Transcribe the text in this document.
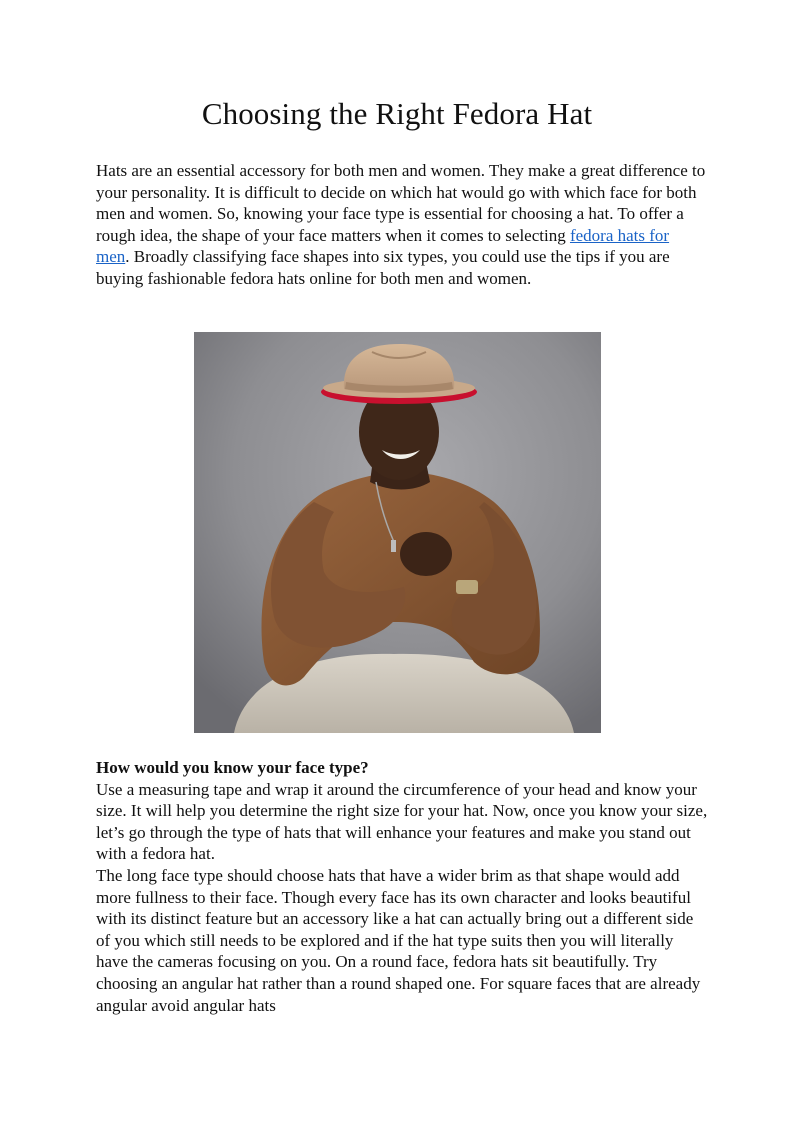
Choosing the Right Fedora Hat

Hats are an essential accessory for both men and women. They make a great difference to your personality. It is difficult to decide on which hat would go with which face for both men and women. So, knowing your face type is essential for choosing a hat. To offer a rough idea, the shape of your face matters when it comes to selecting fedora hats for men. Broadly classifying face shapes into six types, you could use the tips if you are buying fashionable fedora hats online for both men and women.

How would you know your face type?

Use a measuring tape and wrap it around the circumference of your head and know your size. It will help you determine the right size for your hat. Now, once you know your size, let’s go through the type of hats that will enhance your features and make you stand out with a fedora hat.

The long face type should choose hats that have a wider brim as that shape would add more fullness to their face. Though every face has its own character and looks beautiful with its distinct feature but an accessory like a hat can actually bring out a different side of you which still needs to be explored and if the hat type suits then you will literally have the cameras focusing on you. On a round face, fedora hats sit beautifully. Try choosing an angular hat rather than a round shaped one. For square faces that are already angular avoid angular hats
